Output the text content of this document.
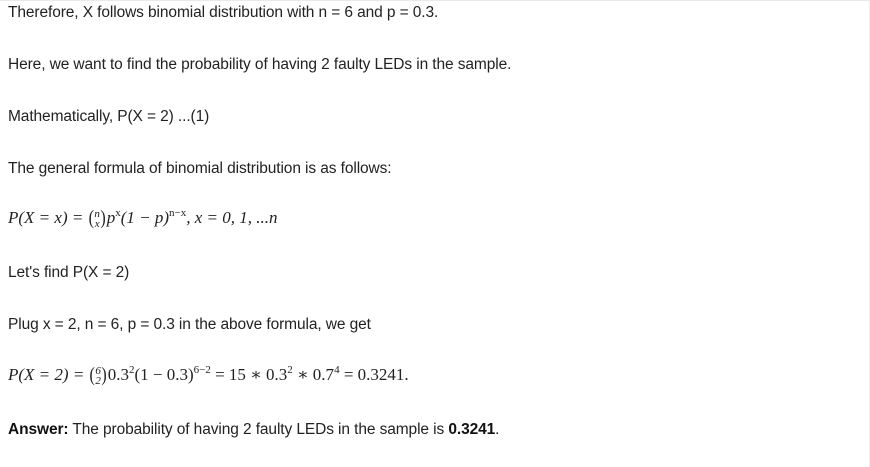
Therefore, X follows binomial distribution with n = 6 and p = 0.3.
Here, we want to find the probability of having 2 faulty LEDs in the sample.
Mathematically, P(X = 2) ...(1)
The general formula of binomial distribution is as follows:
P(X = x) = ( n
x ) $p^x(1 - p)^{n-x}$, x = 0, 1, ...n
Let's find P(X = 2)
Plug x = 2, n = 6, p = 0.3 in the above formula, we get
P(X = 2) = ( 6
2 ) $0.3^2(1 - 0.3)^{6-2} = 15$ ∗ $0.3^2$ ∗ $0.7^4 = 0.3241$.
Answer: The probability of having 2 faulty LEDs in the sample is 0.3241.
